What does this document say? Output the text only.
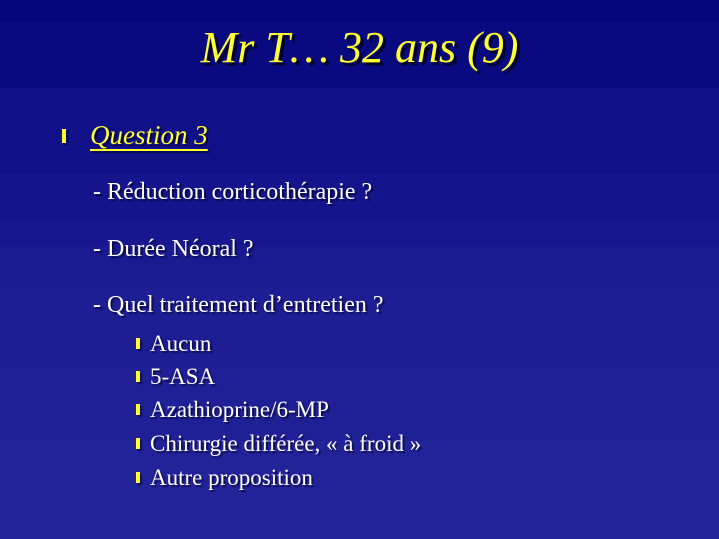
Mr T… 32 ans (9)
Question 3
- Réduction corticothérapie ?
- Durée Néoral ?
- Quel traitement d’entretien ?
Aucun
5-ASA
Azathioprine/6-MP
Chirurgie différée, « à froid »
Autre proposition
